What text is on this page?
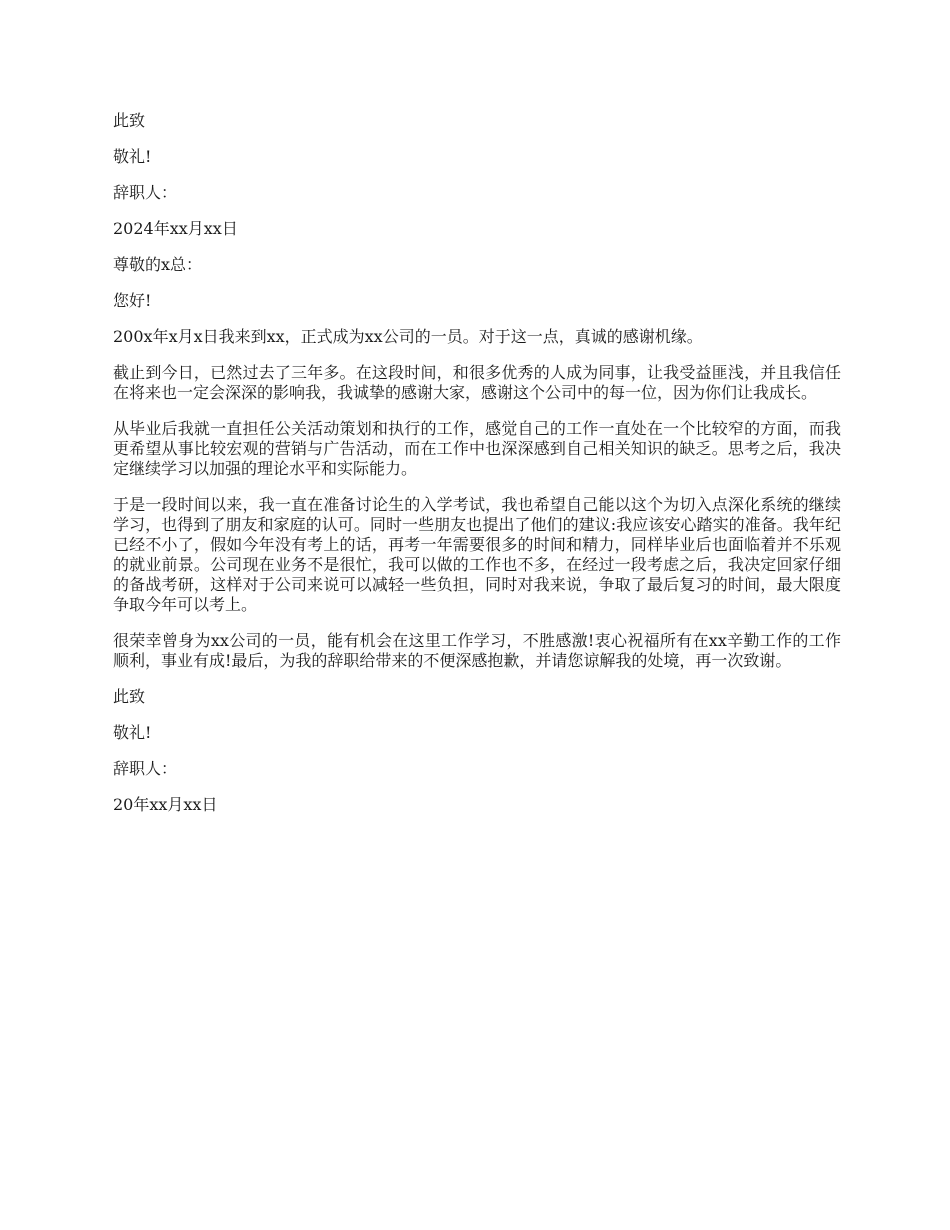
此致

敬礼!

辞职人：

2024年xx月xx日

尊敬的x总：

您好!

200x年x月x日我来到xx，正式成为xx公司的一员。对于这一点，真诚的感谢机缘。

截止到今日，已然过去了三年多。在这段时间，和很多优秀的人成为同事，让我受益匪浅，并且我信任在将来也一定会深深的影响我，我诚挚的感谢大家，感谢这个公司中的每一位，因为你们让我成长。

从毕业后我就一直担任公关活动策划和执行的工作，感觉自己的工作一直处在一个比较窄的方面，而我更希望从事比较宏观的营销与广告活动，而在工作中也深深感到自己相关知识的缺乏。思考之后，我决定继续学习以加强的理论水平和实际能力。

于是一段时间以来，我一直在准备讨论生的入学考试，我也希望自己能以这个为切入点深化系统的继续学习，也得到了朋友和家庭的认可。同时一些朋友也提出了他们的建议:我应该安心踏实的准备。我年纪已经不小了，假如今年没有考上的话，再考一年需要很多的时间和精力，同样毕业后也面临着并不乐观的就业前景。公司现在业务不是很忙，我可以做的工作也不多，在经过一段考虑之后，我决定回家仔细的备战考研，这样对于公司来说可以减轻一些负担，同时对我来说，争取了最后复习的时间，最大限度争取今年可以考上。

很荣幸曾身为xx公司的一员，能有机会在这里工作学习，不胜感激!衷心祝福所有在xx辛勤工作的工作顺利，事业有成!最后，为我的辞职给带来的不便深感抱歉，并请您谅解我的处境，再一次致谢。

此致

敬礼!

辞职人：

20年xx月xx日
